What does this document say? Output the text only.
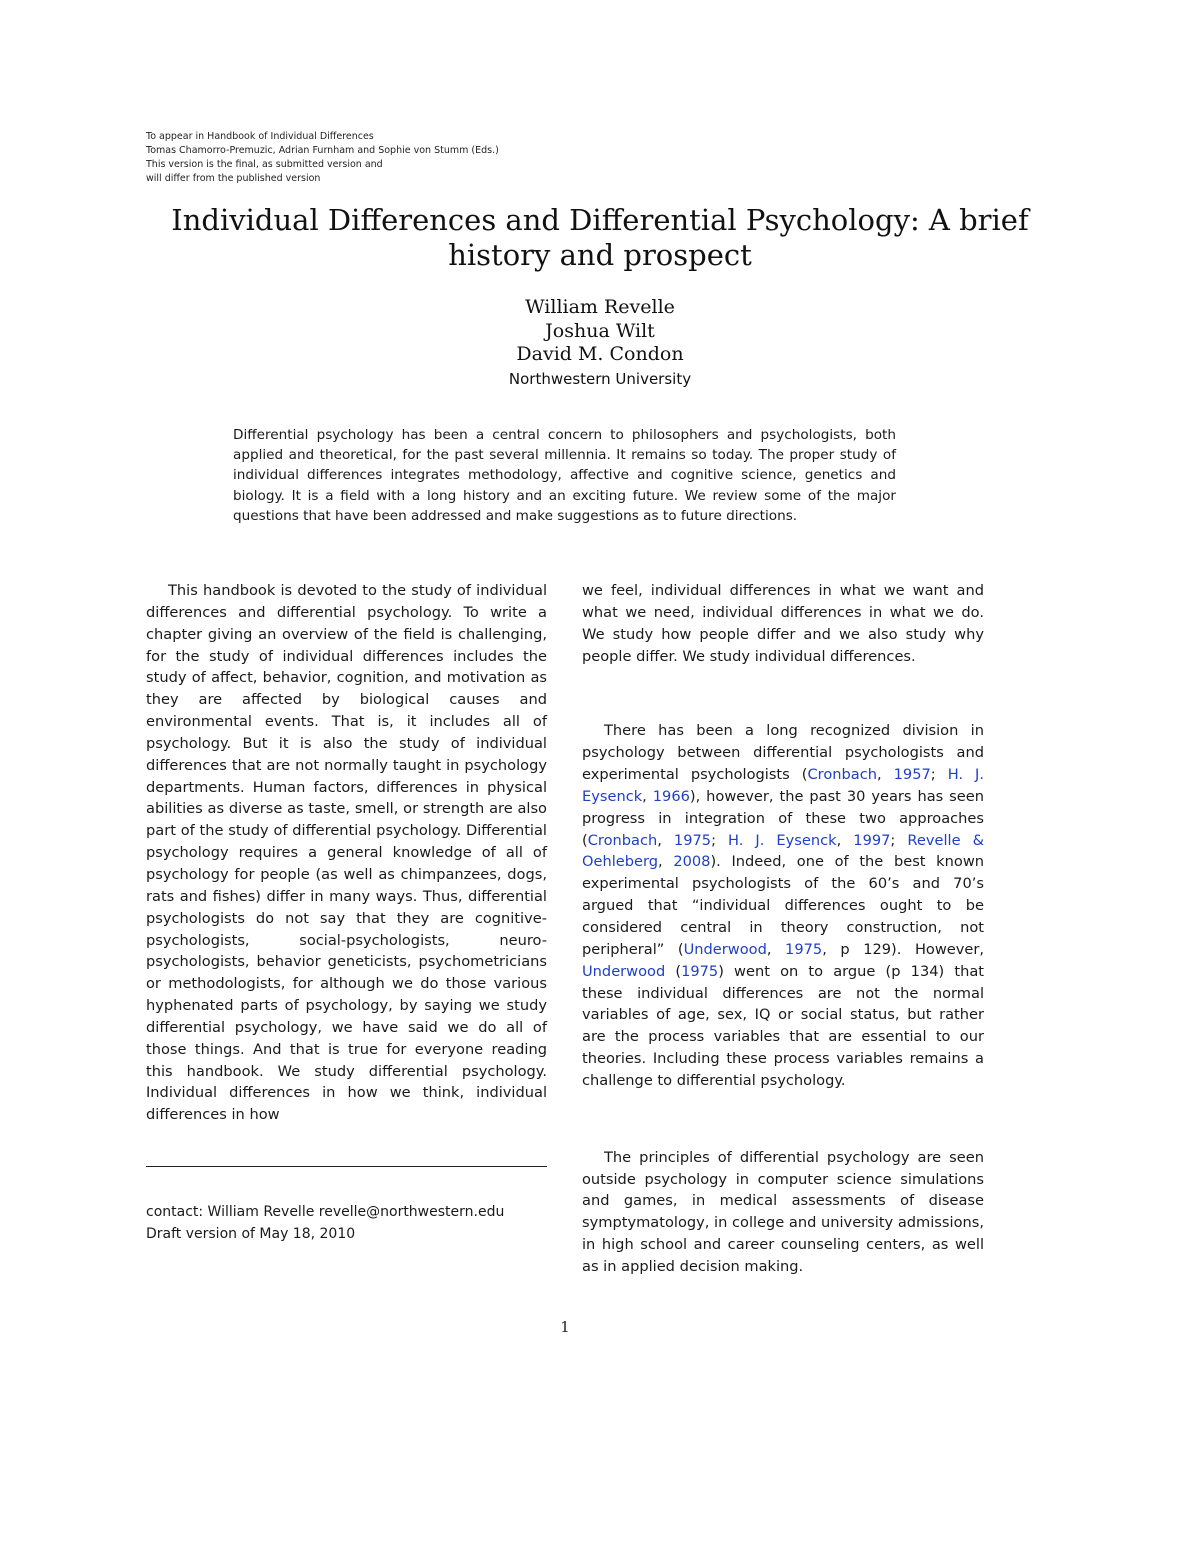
To appear in Handbook of Individual Differences
Tomas Chamorro-Premuzic, Adrian Furnham and Sophie von Stumm (Eds.)
This version is the final, as submitted version and
will differ from the published version
Individual Differences and Differential Psychology: A brief
history and prospect
William Revelle
Joshua Wilt
David M. Condon
Northwestern University
Differential psychology has been a central concern to philosophers and psychologists, both applied and theoretical, for the past several millennia. It remains so today. The proper study of individual differences integrates methodology, affective and cognitive science, genetics and biology. It is a field with a long history and an exciting future. We review some of the major questions that have been addressed and make suggestions as to future directions.

This handbook is devoted to the study of individual differences and differential psychology. To write a chapter giving an overview of the field is challenging, for the study of individual differences includes the study of affect, behavior, cognition, and motivation as they are affected by biological causes and environmental events. That is, it includes all of psychology. But it is also the study of individual differences that are not normally taught in psychology departments. Human factors, differences in physical abilities as diverse as taste, smell, or strength are also part of the study of differential psychology. Differential psychology requires a general knowledge of all of psychology for people (as well as chimpanzees, dogs, rats and fishes) differ in many ways. Thus, differential psychologists do not say that they are cognitive-psychologists, social-psychologists, neuro-psychologists, behavior geneticists, psychometricians or methodologists, for although we do those various hyphenated parts of psychology, by saying we study differential psychology, we have said we do all of those things. And that is true for everyone reading this handbook. We study differential psychology. Individual differences in how we think, individual differences in how

we feel, individual differences in what we want and what we need, individual differences in what we do. We study how people differ and we also study why people differ. We study individual differences.

There has been a long recognized division in psychology between differential psychologists and experimental psychologists (Cronbach, 1957; H. J. Eysenck, 1966), however, the past 30 years has seen progress in integration of these two approaches (Cronbach, 1975; H. J. Eysenck, 1997; Revelle & Oehleberg, 2008). Indeed, one of the best known experimental psychologists of the 60’s and 70’s argued that “individual differences ought to be considered central in theory construction, not peripheral” (Underwood, 1975, p 129). However, Underwood (1975) went on to argue (p 134) that these individual differences are not the normal variables of age, sex, IQ or social status, but rather are the process variables that are essential to our theories. Including these process variables remains a challenge to differential psychology.

The principles of differential psychology are seen outside psychology in computer science simulations and games, in medical assessments of disease symptymatology, in college and university admissions, in high school and career counseling centers, as well as in applied decision making.

contact: William Revelle revelle@northwestern.edu
Draft version of May 18, 2010
1
